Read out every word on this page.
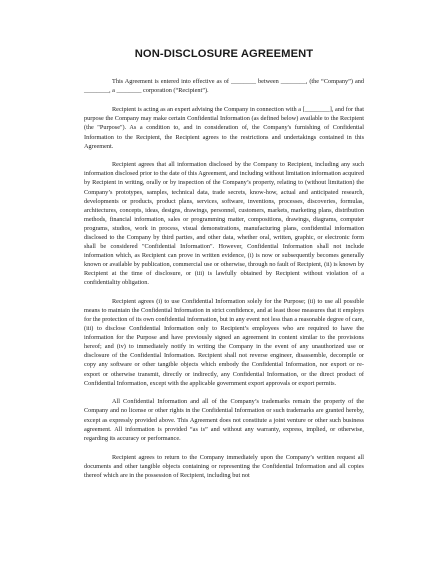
NON-DISCLOSURE AGREEMENT

This Agreement is entered into effective as of ________ between ________, (the “Company”) and ________, a ________ corporation (“Recipient”).

Recipient is acting as an expert advising the Company in connection with a [________], and for that purpose the Company may make certain Confidential Information (as defined below) available to the Recipient (the "Purpose"). As a condition to, and in consideration of, the Company's furnishing of Confidential Information to the Recipient, the Recipient agrees to the restrictions and undertakings contained in this Agreement.

Recipient agrees that all information disclosed by the Company to Recipient, including any such information disclosed prior to the date of this Agreement, and including without limitation information acquired by Recipient in writing, orally or by inspection of the Company’s property, relating to (without limitation) the Company’s prototypes, samples, technical data, trade secrets, know-how, actual and anticipated research, developments or products, product plans, services, software, inventions, processes, discoveries, formulas, architectures, concepts, ideas, designs, drawings, personnel, customers, markets, marketing plans, distribution methods, financial information, sales or programming matter, compositions, drawings, diagrams, computer programs, studios, work in process, visual demonstrations, manufacturing plans, confidential information disclosed to the Company by third parties, and other data, whether oral, written, graphic, or electronic form shall be considered "Confidential Information". However, Confidential Information shall not include information which, as Recipient can prove in written evidence, (i) is now or subsequently becomes generally known or available by publication, commercial use or otherwise, through no fault of Recipient, (ii) is known by Recipient at the time of disclosure, or (iii) is lawfully obtained by Recipient without violation of a confidentiality obligation.

Recipient agrees (i) to use Confidential Information solely for the Purpose; (ii) to use all possible means to maintain the Confidential Information in strict confidence, and at least those measures that it employs for the protection of its own confidential information, but in any event not less than a reasonable degree of care, (iii) to disclose Confidential Information only to Recipient’s employees who are required to have the information for the Purpose and have previously signed an agreement in content similar to the provisions hereof; and (iv) to immediately notify in writing the Company in the event of any unauthorized use or disclosure of the Confidential Information. Recipient shall not reverse engineer, disassemble, decompile or copy any software or other tangible objects which embody the Confidential Information, nor export or re-export or otherwise transmit, directly or indirectly, any Confidential Information, or the direct product of Confidential Information, except with the applicable government export approvals or export permits.

All Confidential Information and all of the Company’s trademarks remain the property of the Company and no license or other rights in the Confidential Information or such trademarks are granted hereby, except as expressly provided above. This Agreement does not constitute a joint venture or other such business agreement. All information is provided “as is” and without any warranty, express, implied, or otherwise, regarding its accuracy or performance.

Recipient agrees to return to the Company immediately upon the Company’s written request all documents and other tangible objects containing or representing the Confidential Information and all copies thereof which are in the possession of Recipient, including but not
